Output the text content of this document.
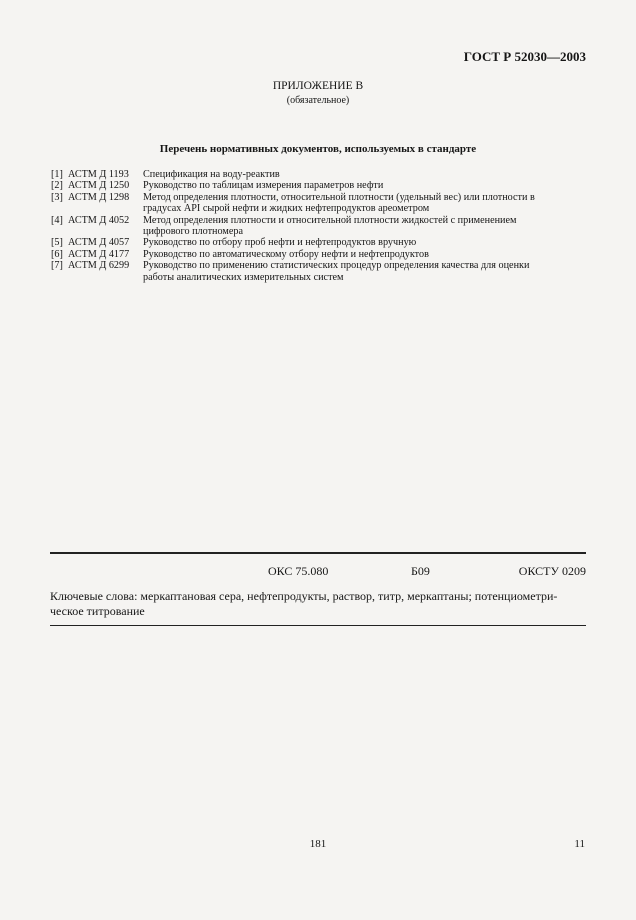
ГОСТ Р 52030—2003
ПРИЛОЖЕНИЕ В
(обязательное)
Перечень нормативных документов, используемых в стандарте
[1] АСТМ Д 1193	Спецификация на воду-реактив
[2] АСТМ Д 1250	Руководство по таблицам измерения параметров нефти
[3] АСТМ Д 1298	Метод определения плотности, относительной плотности (удельный вес) или плотности в
градусах API сырой нефти и жидких нефтепродуктов ареометром
[4] АСТМ Д 4052	Метод определения плотности и относительной плотности жидкостей с применением
цифрового плотномера
[5] АСТМ Д 4057	Руководство по отбору проб нефти и нефтепродуктов вручную
[6] АСТМ Д 4177	Руководство по автоматическому отбору нефти и нефтепродуктов
[7] АСТМ Д 6299	Руководство по применению статистических процедур определения качества для оценки
работы аналитических измерительных систем
ОКС 75.080	Б09	ОКСТУ 0209
Ключевые слова: меркаптановая сера, нефтепродукты, раствор, титр, меркаптаны; потенциометри-
ческое титрование
181	11
